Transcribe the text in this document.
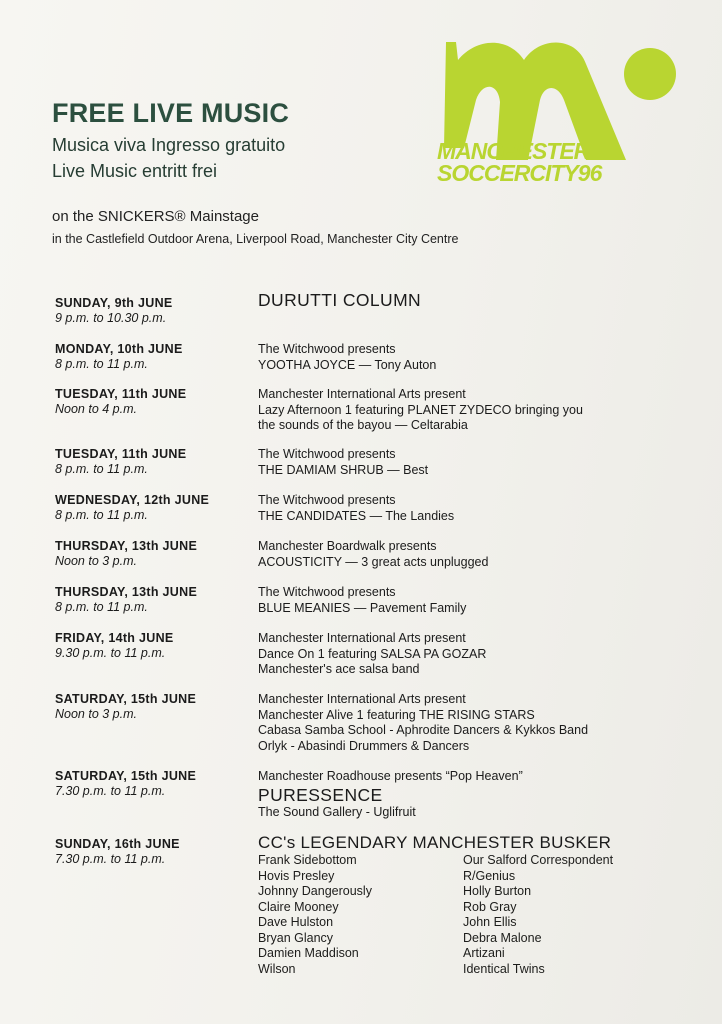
MANCHESTER
SOCCERCITY96
FREE LIVE MUSIC
Musica viva Ingresso gratuito
Live Music entritt frei
on the SNICKERS® Mainstage
in the Castlefield Outdoor Arena, Liverpool Road, Manchester City Centre
SUNDAY, 9th JUNE
9 p.m. to 10.30 p.m.
DURUTTI COLUMN
MONDAY, 10th JUNE
8 p.m. to 11 p.m.
The Witchwood presents
YOOTHA JOYCE — Tony Auton
TUESDAY, 11th JUNE
Noon to 4 p.m.
Manchester International Arts present
Lazy Afternoon 1 featuring PLANET ZYDECO bringing you
the sounds of the bayou — Celtarabia
TUESDAY, 11th JUNE
8 p.m. to 11 p.m.
The Witchwood presents
THE DAMIAM SHRUB — Best
WEDNESDAY, 12th JUNE
8 p.m. to 11 p.m.
The Witchwood presents
THE CANDIDATES — The Landies
THURSDAY, 13th JUNE
Noon to 3 p.m.
Manchester Boardwalk presents
ACOUSTICITY — 3 great acts unplugged
THURSDAY, 13th JUNE
8 p.m. to 11 p.m.
The Witchwood presents
BLUE MEANIES — Pavement Family
FRIDAY, 14th JUNE
9.30 p.m. to 11 p.m.
Manchester International Arts present
Dance On 1 featuring SALSA PA GOZAR
Manchester's ace salsa band
SATURDAY, 15th JUNE
Noon to 3 p.m.
Manchester International Arts present
Manchester Alive 1 featuring THE RISING STARS
Cabasa Samba School - Aphrodite Dancers & Kykkos Band
Orlyk - Abasindi Drummers & Dancers
SATURDAY, 15th JUNE
7.30 p.m. to 11 p.m.
Manchester Roadhouse presents “Pop Heaven”
PURESSENCE
The Sound Gallery - Uglifruit
SUNDAY, 16th JUNE
7.30 p.m. to 11 p.m.
CC's LEGENDARY MANCHESTER BUSKER
Frank Sidebottom
Hovis Presley
Johnny Dangerously
Claire Mooney
Dave Hulston
Bryan Glancy
Damien Maddison
Wilson
Our Salford Correspondent
R/Genius
Holly Burton
Rob Gray
John Ellis
Debra Malone
Artizani
Identical Twins
